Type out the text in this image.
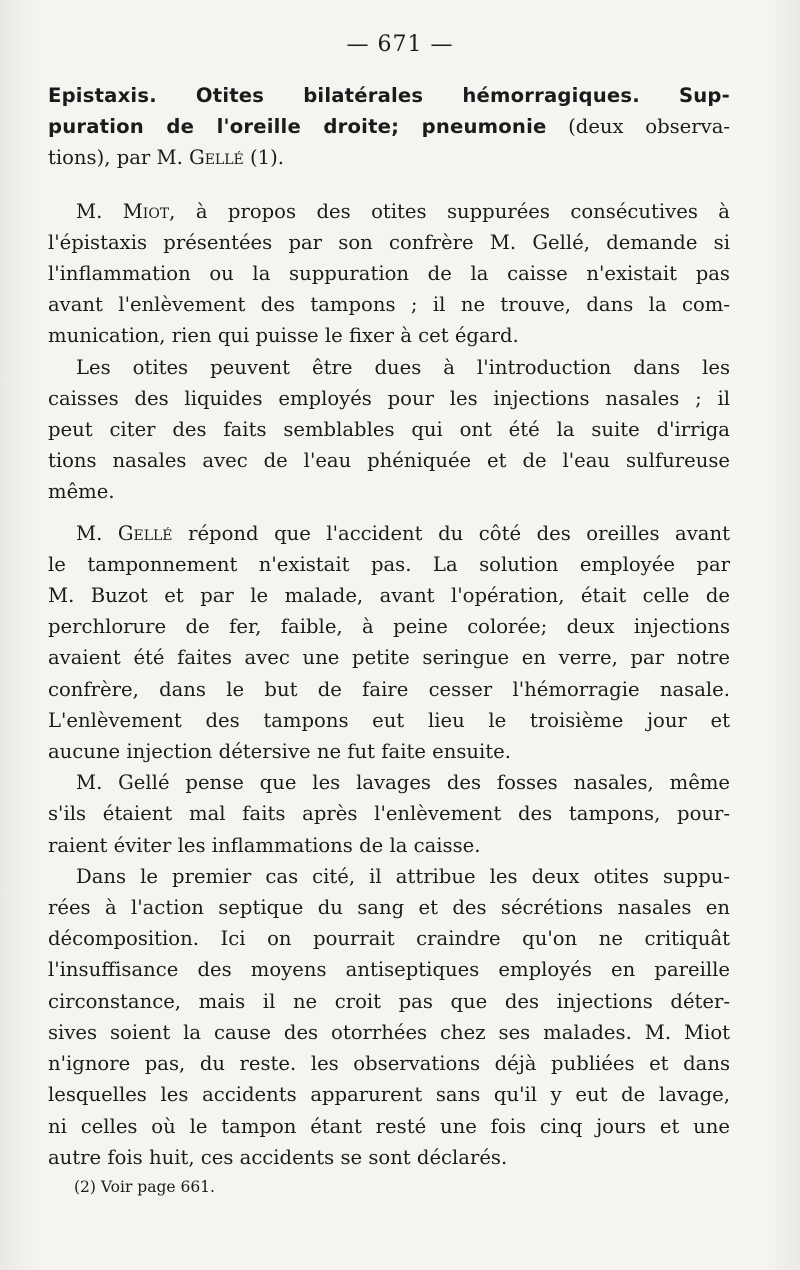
— 671 —
Epistaxis. Otites bilatérales hémorragiques. Sup-
puration de l'oreille droite; pneumonie (deux observa-
tions), par M. Gellé (1).
M. Miot, à propos des otites suppurées consécutives à
l'épistaxis présentées par son confrère M. Gellé, demande si
l'inflammation ou la suppuration de la caisse n'existait pas
avant l'enlèvement des tampons ; il ne trouve, dans la com-
munication, rien qui puisse le fixer à cet égard.
Les otites peuvent être dues à l'introduction dans les
caisses des liquides employés pour les injections nasales ; il
peut citer des faits semblables qui ont été la suite d'irriga
tions nasales avec de l'eau phéniquée et de l'eau sulfureuse
même.
M. Gellé répond que l'accident du côté des oreilles avant
le tamponnement n'existait pas. La solution employée par
M. Buzot et par le malade, avant l'opération, était celle de
perchlorure de fer, faible, à peine colorée; deux injections
avaient été faites avec une petite seringue en verre, par notre
confrère, dans le but de faire cesser l'hémorragie nasale.
L'enlèvement des tampons eut lieu le troisième jour et
aucune injection détersive ne fut faite ensuite.
M. Gellé pense que les lavages des fosses nasales, même
s'ils étaient mal faits après l'enlèvement des tampons, pour-
raient éviter les inflammations de la caisse.
Dans le premier cas cité, il attribue les deux otites suppu-
rées à l'action septique du sang et des sécrétions nasales en
décomposition. Ici on pourrait craindre qu'on ne critiquât
l'insuffisance des moyens antiseptiques employés en pareille
circonstance, mais il ne croit pas que des injections déter-
sives soient la cause des otorrhées chez ses malades. M. Miot
n'ignore pas, du reste. les observations déjà publiées et dans
lesquelles les accidents apparurent sans qu'il y eut de lavage,
ni celles où le tampon étant resté une fois cinq jours et une
autre fois huit, ces accidents se sont déclarés.
(2) Voir page 661.
